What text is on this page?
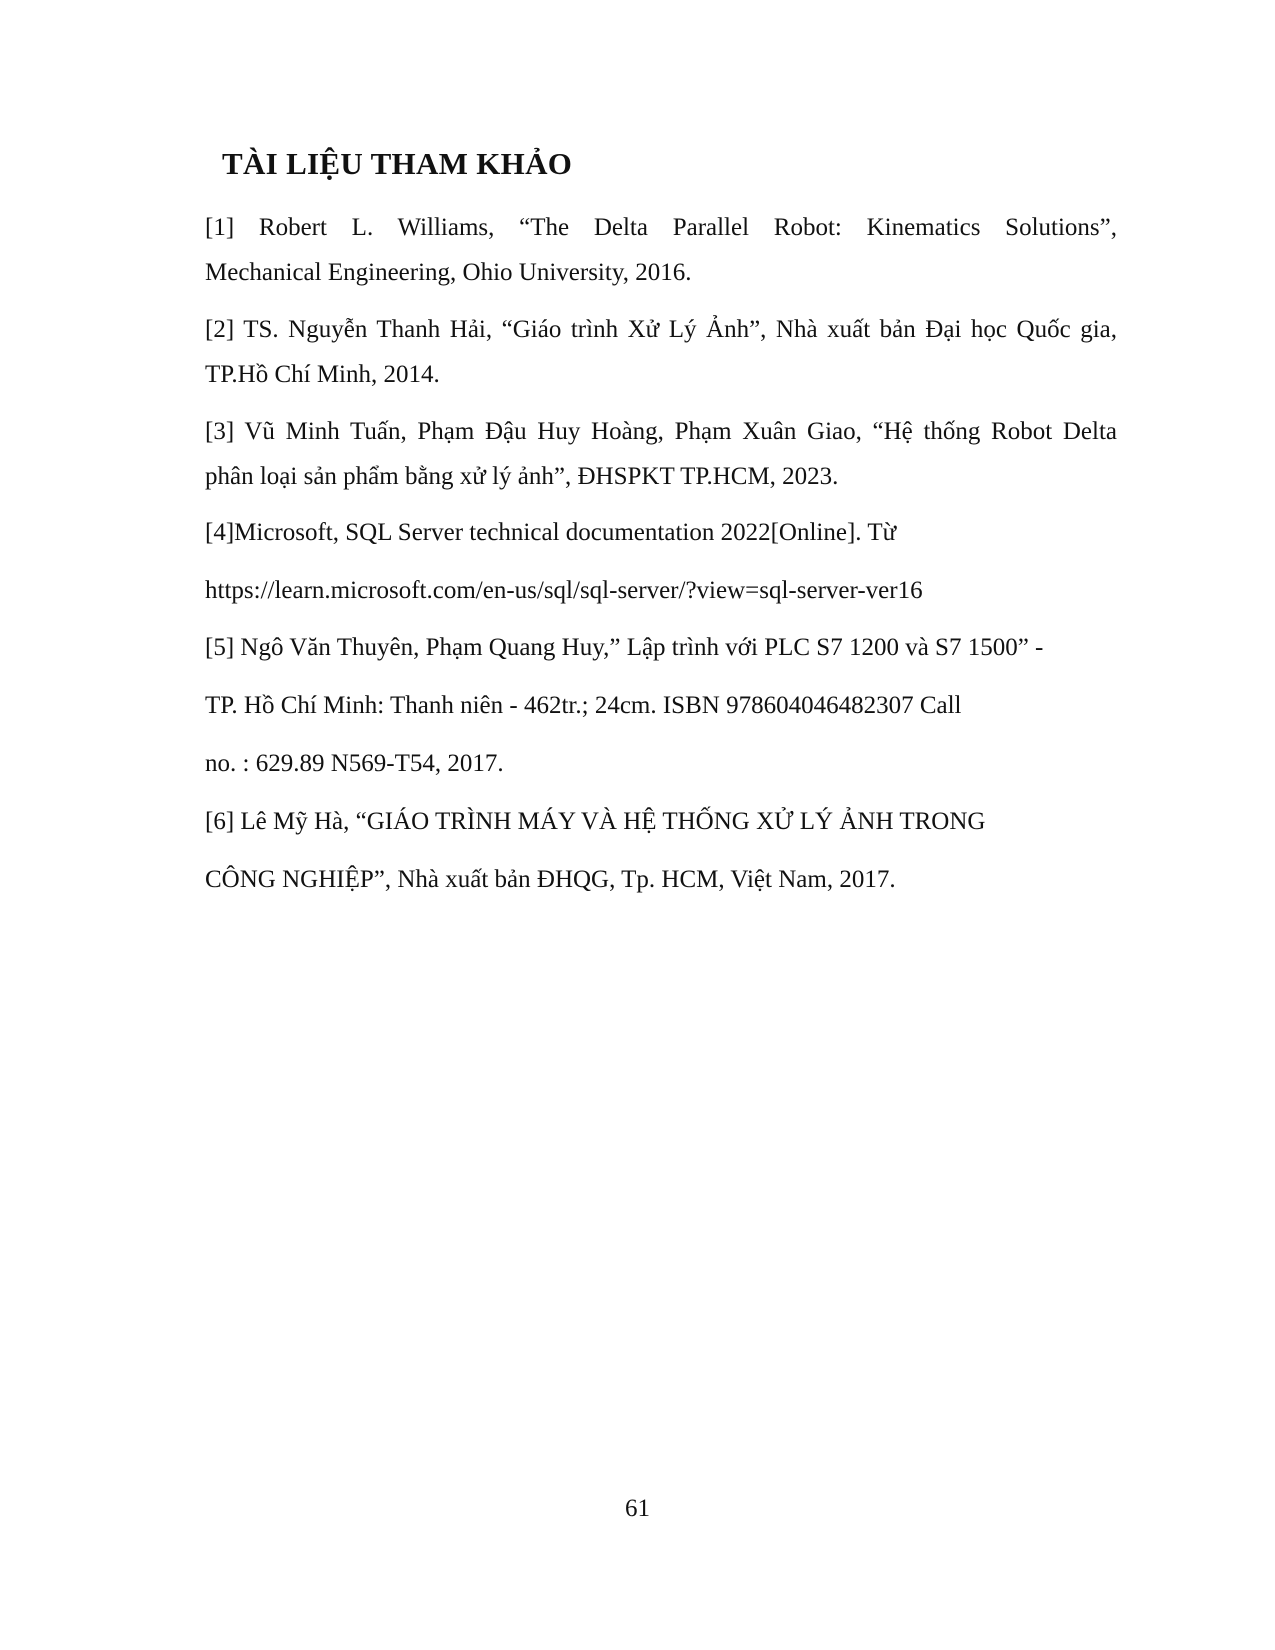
TÀI LIỆU THAM KHẢO
[1] Robert L. Williams, “The Delta Parallel Robot: Kinematics Solutions”,
Mechanical Engineering, Ohio University, 2016.
[2] TS. Nguyễn Thanh Hải, “Giáo trình Xử Lý Ảnh”, Nhà xuất bản Đại học Quốc gia,
TP.Hồ Chí Minh, 2014.
[3] Vũ Minh Tuấn, Phạm Đậu Huy Hoàng, Phạm Xuân Giao, “Hệ thống Robot Delta
phân loại sản phẩm bằng xử lý ảnh”, ĐHSPKT TP.HCM, 2023.
[4]Microsoft, SQL Server technical documentation 2022[Online]. Từ
https://learn.microsoft.com/en-us/sql/sql-server/?view=sql-server-ver16
[5] Ngô Văn Thuyên, Phạm Quang Huy,” Lập trình với PLC S7 1200 và S7 1500” -
TP. Hồ Chí Minh: Thanh niên - 462tr.; 24cm. ISBN 978604046482307 Call
no. : 629.89 N569-T54, 2017.
[6] Lê Mỹ Hà, “GIÁO TRÌNH MÁY VÀ HỆ THỐNG XỬ LÝ ẢNH TRONG
CÔNG NGHIỆP”, Nhà xuất bản ĐHQG, Tp. HCM, Việt Nam, 2017.
61
